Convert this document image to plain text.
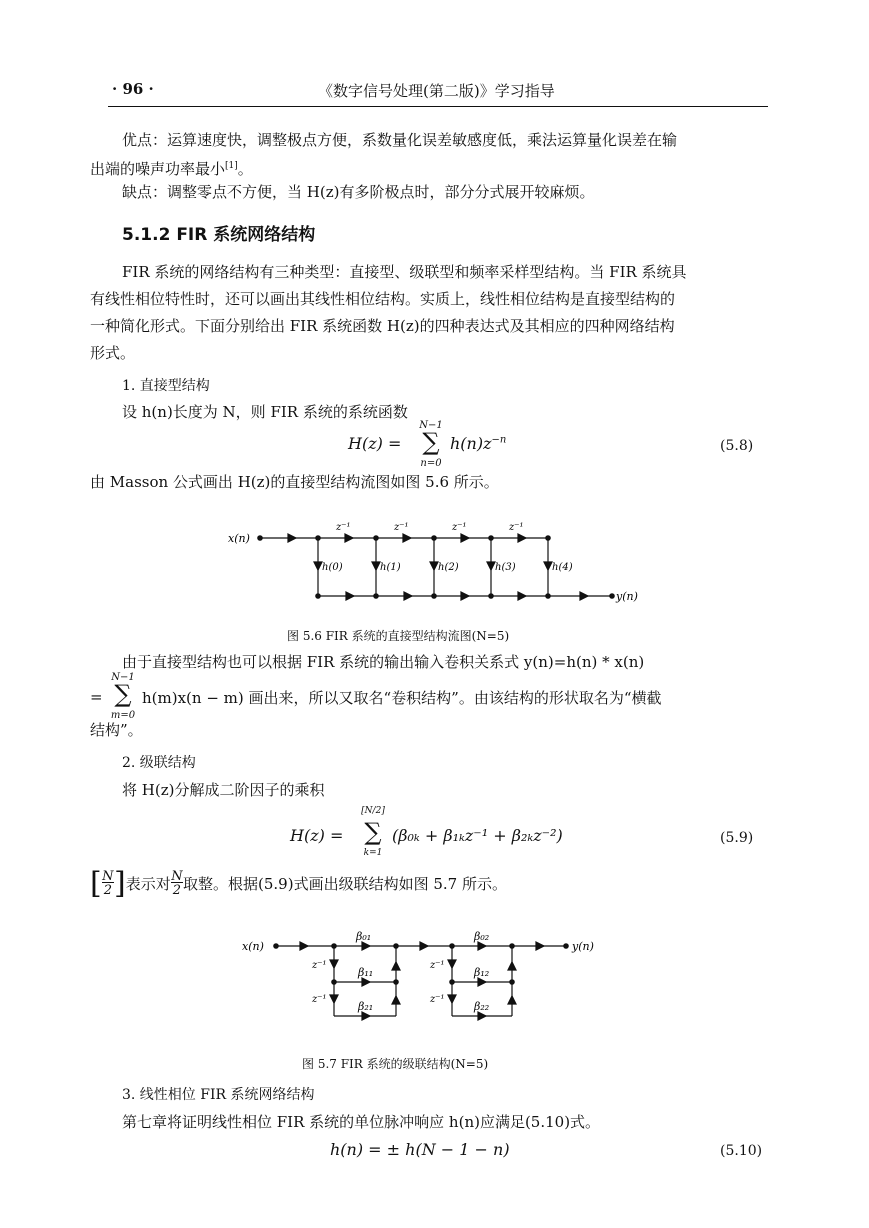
· 96 ·	《数字信号处理(第二版)》学习指导
优点：运算速度快，调整极点方便，系数量化误差敏感度低，乘法运算量化误差在输
出端的噪声功率最小[1]。
缺点：调整零点不方便，当 H(z)有多阶极点时，部分分式展开较麻烦。
5.1.2 FIR 系统网络结构
FIR 系统的网络结构有三种类型：直接型、级联型和频率采样型结构。当 FIR 系统具
有线性相位特性时，还可以画出其线性相位结构。实质上，线性相位结构是直接型结构的
一种简化形式。下面分别给出 FIR 系统函数 H(z)的四种表达式及其相应的四种网络结构
形式。
1. 直接型结构
设 h(n)长度为 N，则 FIR 系统的系统函数
H(z) =
N−1
∑
n=0
$h(n)z^{-n}$	(5.8)
由 Masson 公式画出 H(z)的直接型结构流图如图 5.6 所示。
x(n)
y(n)
z⁻¹	z⁻¹	z⁻¹	z⁻¹
h(0)	h(1)	h(2)	h(3)	h(4)
图 5.6 FIR 系统的直接型结构流图(N=5)
由于直接型结构也可以根据 FIR 系统的输出输入卷积关系式 y(n)=h(n) * x(n)
=
N−1
∑
m=0
h(m)x(n − m) 画出来，所以又取名“卷积结构”。由该结构的形状取名为“横截
结构”。
2. 级联结构
将 H(z)分解成二阶因子的乘积
H(z) =
[N/2]
∑
k=1
(β₀ₖ + β₁ₖz⁻¹ + β₂ₖz⁻²)	(5.9)
$[\frac{N}{2}]$表示对$\frac{N}{2}$取整。根据(5.9)式画出级联结构如图 5.7 所示。
x(n)	y(n)
z⁻¹
z⁻¹
z⁻¹
z⁻¹
β₀₁
β₁₁
β₂₁
β₀₂
β₁₂
β₂₂
图 5.7 FIR 系统的级联结构(N=5)
3. 线性相位 FIR 系统网络结构
第七章将证明线性相位 FIR 系统的单位脉冲响应 h(n)应满足(5.10)式。
h(n) = ± h(N − 1 − n)	(5.10)
